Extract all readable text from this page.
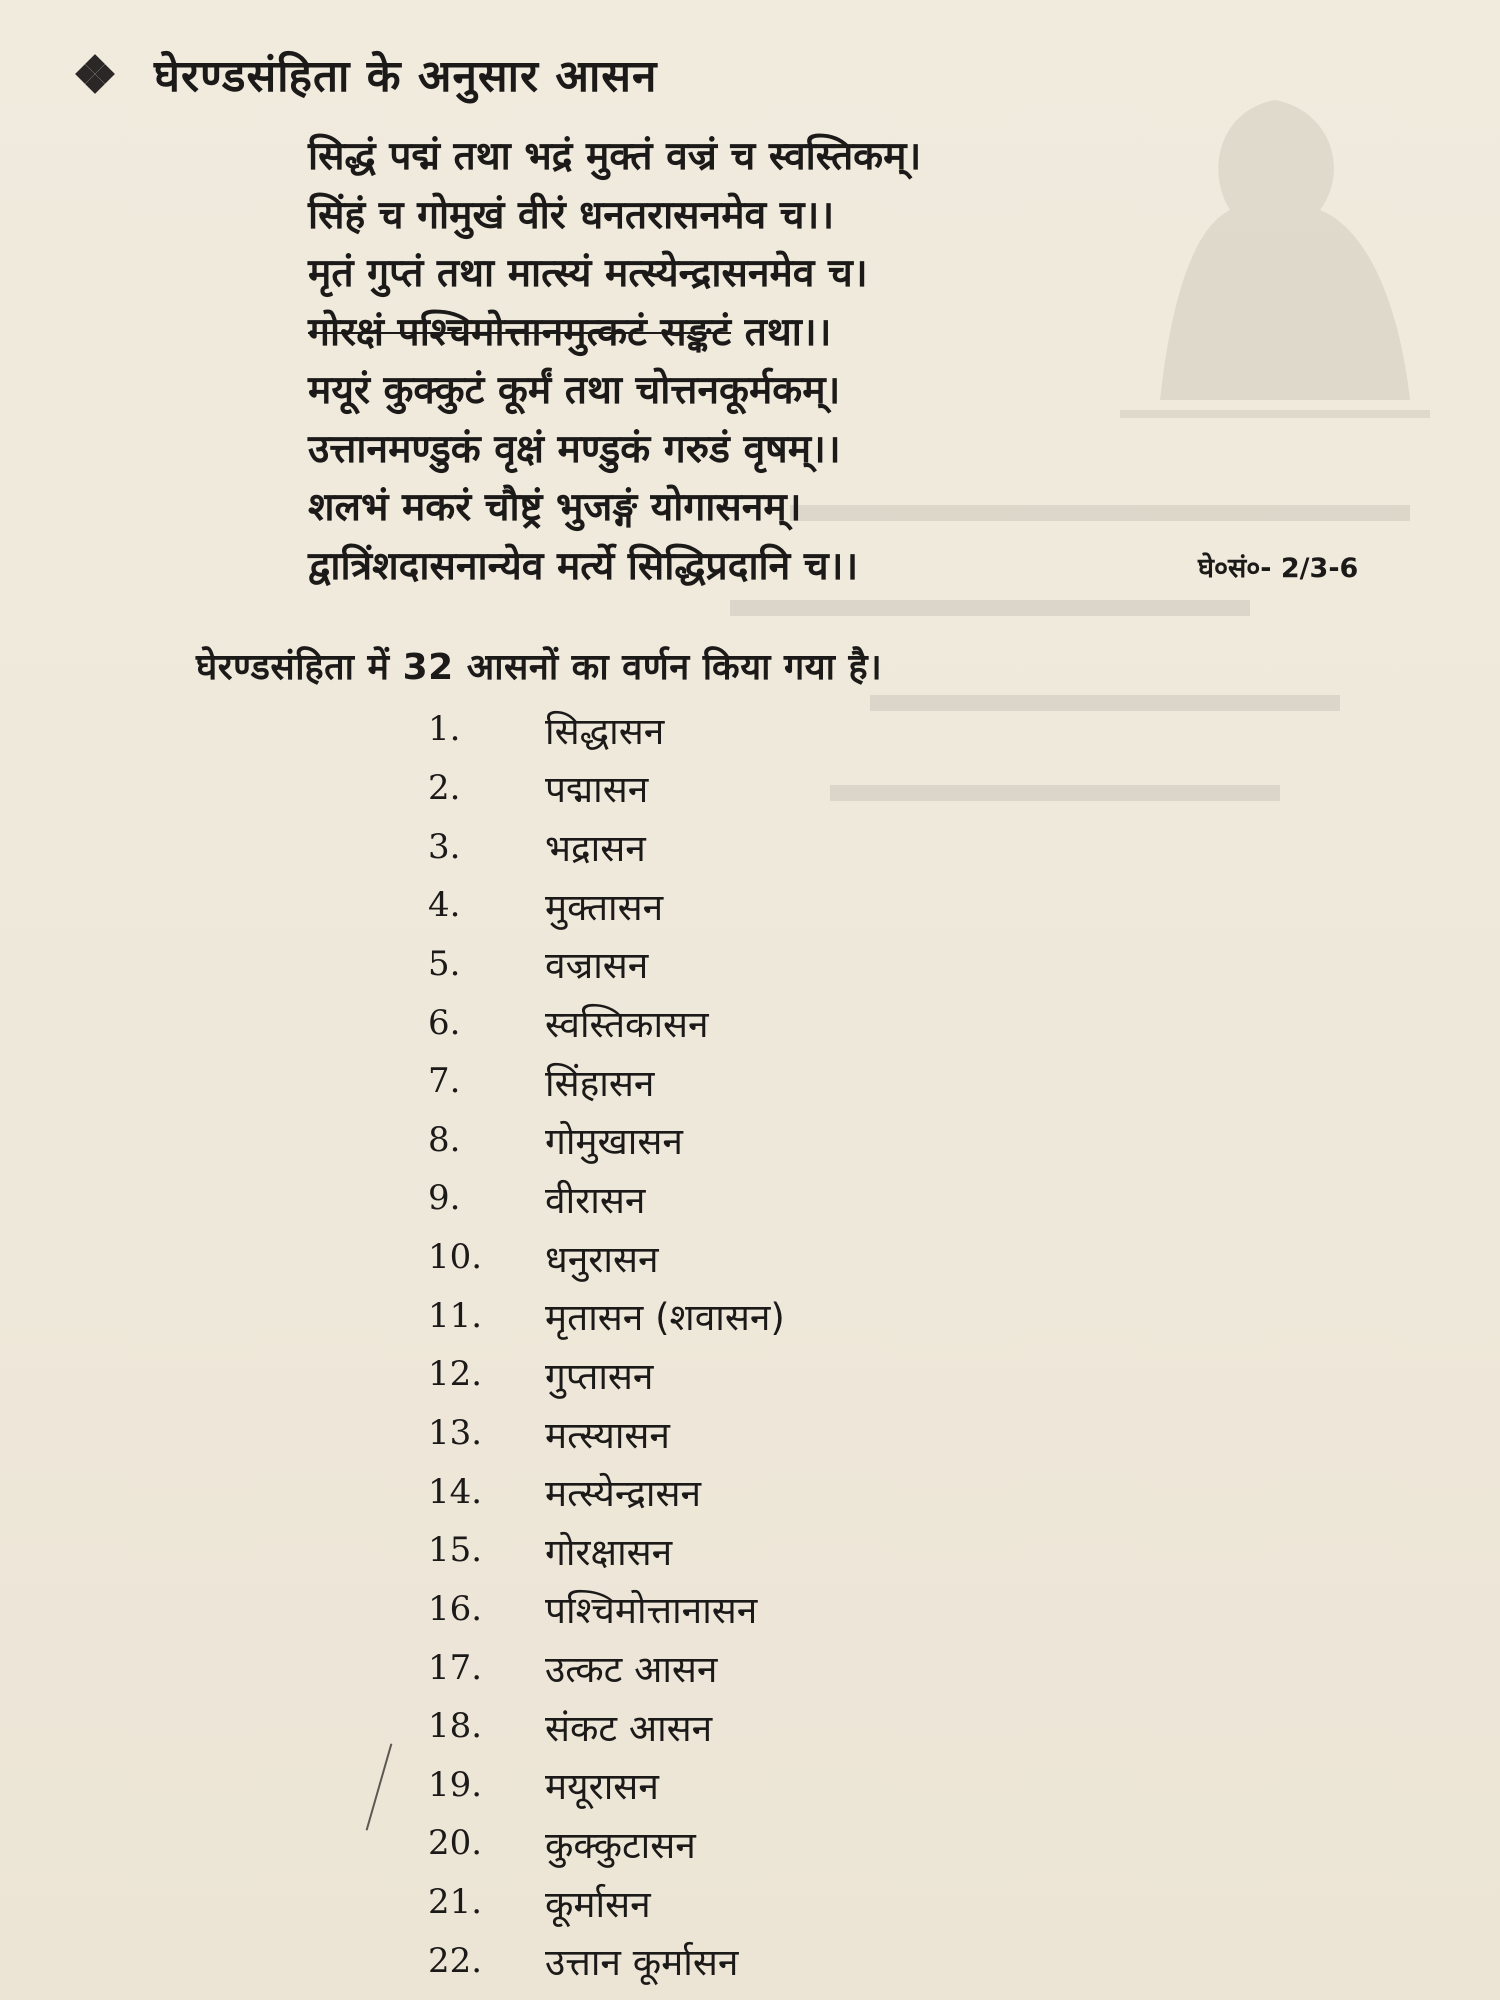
घेरण्डसंहिता के अनुसार आसन
सिद्धं पद्मं तथा भद्रं मुक्तं वज्रं च स्वस्तिकम्।
सिंहं च गोमुखं वीरं धनतरासनमेव च।।
मृतं गुप्तं तथा मात्स्यं मत्स्येन्द्रासनमेव च।
गोरक्षं पश्चिमोत्तानमुत्कटं सङ्कटं तथा।।
मयूरं कुक्कुटं कूर्मं तथा चोत्तनकूर्मकम्।
उत्तानमण्डुकं वृक्षं मण्डुकं गरुडं वृषम्।।
शलभं मकरं चौष्ट्रं भुजङ्गं योगासनम्।
द्वात्रिंशदासनान्येव मर्त्ये सिद्धिप्रदानि च।।	घे०सं०- 2/3-6
घेरण्डसंहिता में 32 आसनों का वर्णन किया गया है।
1.	सिद्धासन
2.	पद्मासन
3.	भद्रासन
4.	मुक्तासन
5.	वज्रासन
6.	स्वस्तिकासन
7.	सिंहासन
8.	गोमुखासन
9.	वीरासन
10.	धनुरासन
11.	मृतासन (शवासन)
12.	गुप्तासन
13.	मत्स्यासन
14.	मत्स्येन्द्रासन
15.	गोरक्षासन
16.	पश्चिमोत्तानासन
17.	उत्कट आसन
18.	संकट आसन
19.	मयूरासन
20.	कुक्कुटासन
21.	कूर्मासन
22.	उत्तान कूर्मासन
